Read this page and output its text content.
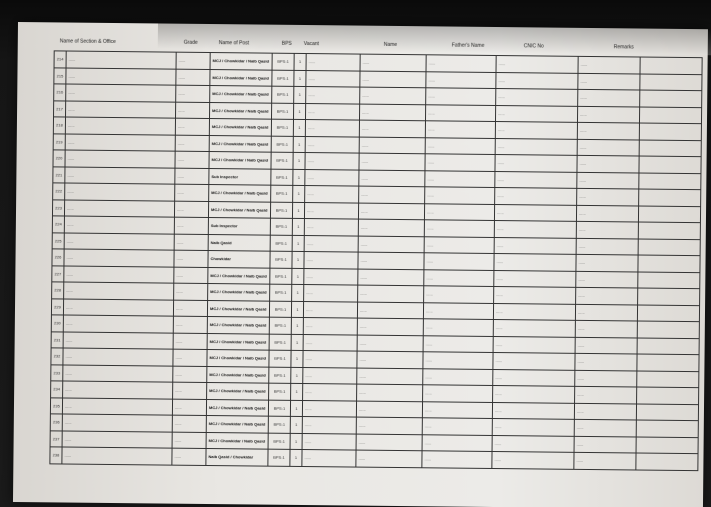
Name of Section & Office	Grade	Name of Post	BPS Vacant	Name	Father's Name	CNIC No	Remarks
214	......	......	MCJ / Chowkidar / Naib Qasid	BPS-1	1	......	......	......	......	......	
215	......	......	MCJ / Chowkidar / Naib Qasid	BPS-1	1	......	......	......	......	......	
216	......	......	MCJ / Chowkidar / Naib Qasid	BPS-1	1	......	......	......	......	......	
217	......	......	MCJ / Chowkidar / Naib Qasid	BPS-1	1	......	......	......	......	......	
218	......	......	MCJ / Chowkidar / Naib Qasid	BPS-1	1	......	......	......	......	......	
219	......	......	MCJ / Chowkidar / Naib Qasid	BPS-1	1	......	......	......	......	......	
220	......	......	MCJ / Chowkidar / Naib Qasid	BPS-1	1	......	......	......	......	......	
221	......	......	Sub Inspector	BPS-1	1	......	......	......	......	......	
222	......	......	MCJ / Chowkidar / Naib Qasid	BPS-1	1	......	......	......	......	......	
223	......	......	MCJ / Chowkidar / Naib Qasid	BPS-1	1	......	......	......	......	......	
224	......	......	Sub Inspector	BPS-1	1	......	......	......	......	......	
225	......	......	Naib Qasid	BPS-1	1	......	......	......	......	......	
226	......	......	Chowkidar	BPS-1	1	......	......	......	......	......	
227	......	......	MCJ / Chowkidar / Naib Qasid	BPS-1	1	......	......	......	......	......	
228	......	......	MCJ / Chowkidar / Naib Qasid	BPS-1	1	......	......	......	......	......	
229	......	......	MCJ / Chowkidar / Naib Qasid	BPS-1	1	......	......	......	......	......	
230	......	......	MCJ / Chowkidar / Naib Qasid	BPS-1	1	......	......	......	......	......	
231	......	......	MCJ / Chowkidar / Naib Qasid	BPS-1	1	......	......	......	......	......	
232	......	......	MCJ / Chowkidar / Naib Qasid	BPS-1	1	......	......	......	......	......	
233	......	......	MCJ / Chowkidar / Naib Qasid	BPS-1	1	......	......	......	......	......	
234	......	......	MCJ / Chowkidar / Naib Qasid	BPS-1	1	......	......	......	......	......	
235	......	......	MCJ / Chowkidar / Naib Qasid	BPS-1	1	......	......	......	......	......	
236	......	......	MCJ / Chowkidar / Naib Qasid	BPS-1	1	......	......	......	......	......	
237	......	......	MCJ / Chowkidar / Naib Qasid	BPS-1	1	......	......	......	......	......	
238	......	......	Naib Qasid / Chowkidar	BPS-1	1	......	......	......	......	......	
